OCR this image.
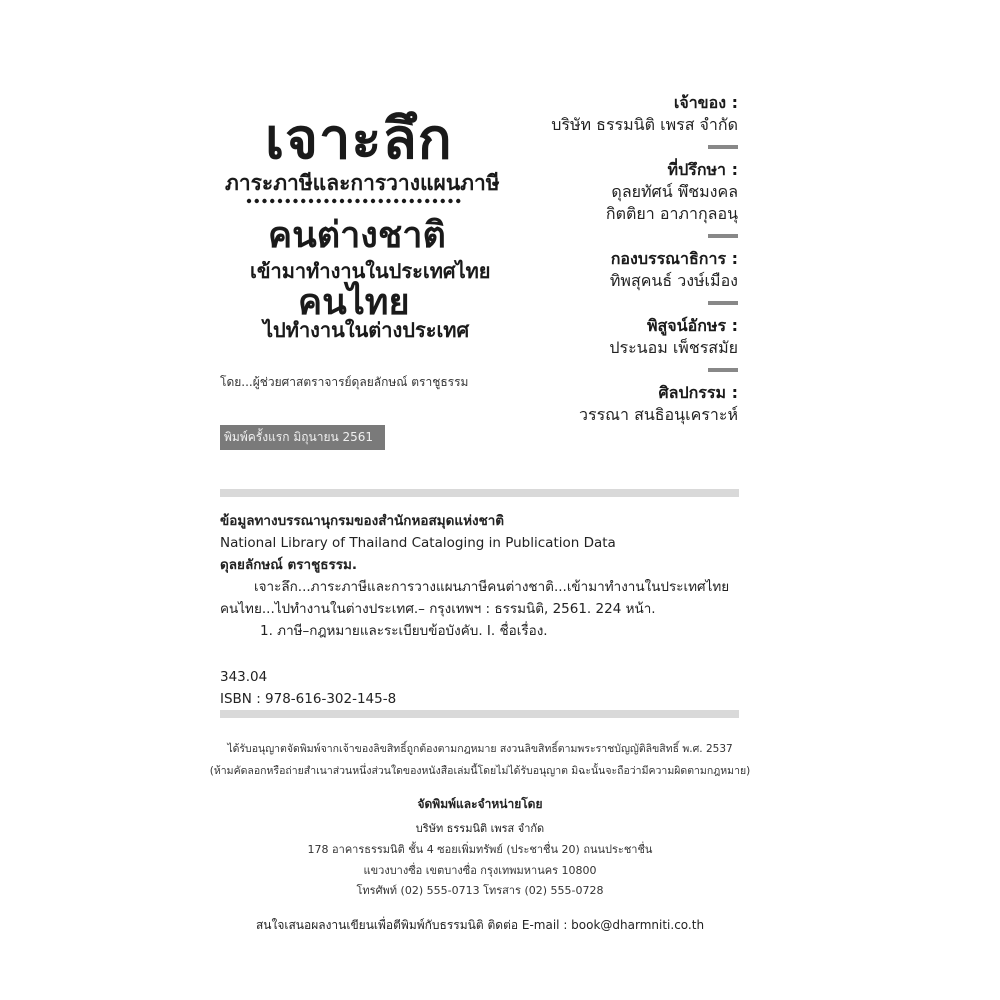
เจาะลึก
ภาระภาษีและการวางแผนภาษี
คนต่างชาติ
เข้ามาทำงานในประเทศไทย
คนไทย
ไปทำงานในต่างประเทศ
โดย...ผู้ช่วยศาสตราจารย์ดุลยลักษณ์ ตราชูธรรม
พิมพ์ครั้งแรก มิถุนายน 2561
เจ้าของ :
บริษัท ธรรมนิติ เพรส จำกัด
ที่ปรึกษา :
ดุลยทัศน์ พึชมงคล
กิตติยา อาภากุลอนุ
กองบรรณาธิการ :
ทิพสุคนธ์ วงษ์เมือง
พิสูจน์อักษร :
ประนอม เพ็ชรสมัย
ศิลปกรรม :
วรรณา สนธิอนุเคราะห์
ข้อมูลทางบรรณานุกรมของสำนักหอสมุดแห่งชาติ
National Library of Thailand Cataloging in Publication Data
ดุลยลักษณ์ ตราชูธรรม.
เจาะลึก...ภาระภาษีและการวางแผนภาษีคนต่างชาติ...เข้ามาทำงานในประเทศไทย
คนไทย...ไปทำงานในต่างประเทศ.– กรุงเทพฯ : ธรรมนิติ, 2561. 224 หน้า.
1. ภาษี–กฎหมายและระเบียบข้อบังคับ. I. ชื่อเรื่อง.
343.04
ISBN : 978-616-302-145-8
ได้รับอนุญาตจัดพิมพ์จากเจ้าของลิขสิทธิ์ถูกต้องตามกฎหมาย สงวนลิขสิทธิ์ตามพระราชบัญญัติลิขสิทธิ์ พ.ศ. 2537
(ห้ามคัดลอกหรือถ่ายสำเนาส่วนหนึ่งส่วนใดของหนังสือเล่มนี้โดยไม่ได้รับอนุญาต มิฉะนั้นจะถือว่ามีความผิดตามกฎหมาย)
จัดพิมพ์และจำหน่ายโดย
บริษัท ธรรมนิติ เพรส จำกัด
178 อาคารธรรมนิติ ชั้น 4 ซอยเพิ่มทรัพย์ (ประชาชื่น 20) ถนนประชาชื่น
แขวงบางซื่อ เขตบางซื่อ กรุงเทพมหานคร 10800
โทรศัพท์ (02) 555-0713 โทรสาร (02) 555-0728
สนใจเสนอผลงานเขียนเพื่อตีพิมพ์กับธรรมนิติ ติดต่อ E-mail : book@dharmniti.co.th
